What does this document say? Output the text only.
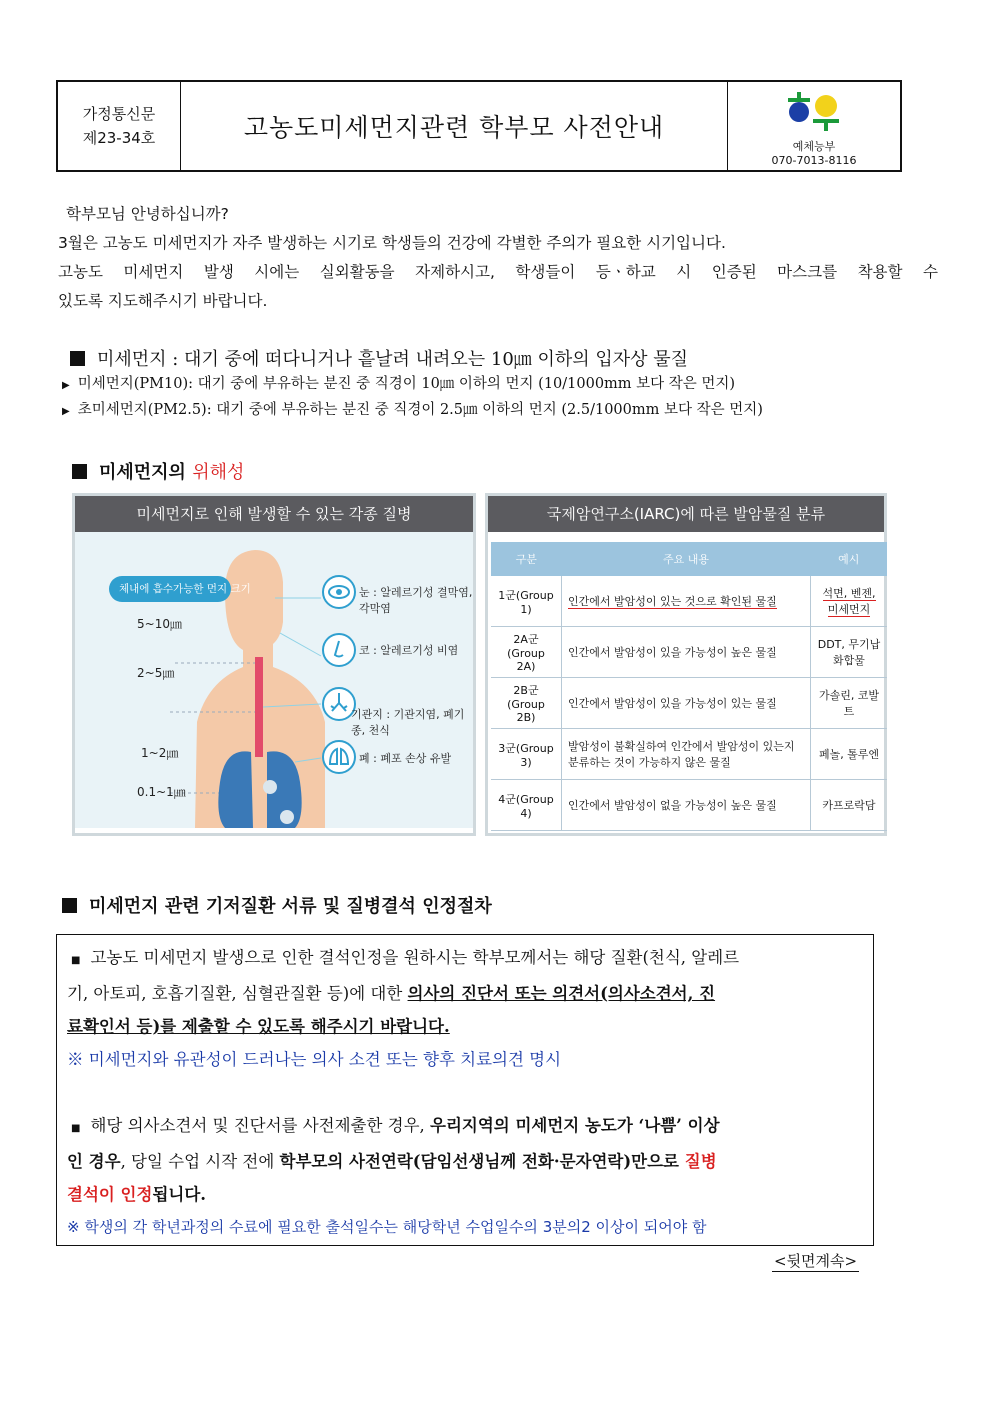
가정통신문
제23-34호	고농도미세먼지관련 학부모 사전안내
예체능부
070-7013-8116

학부모님 안녕하십니까?

3월은 고농도 미세먼지가 자주 발생하는 시기로 학생들의 건강에 각별한 주의가 필요한 시기입니다.

고농도 미세먼지 발생 시에는 실외활동을 자제하시고, 학생들이 등ㆍ하교 시 인증된 마스크를 착용할 수

있도록 지도해주시기 바랍니다.

미세먼지 : 대기 중에 떠다니거나 흩날려 내려오는 10㎛ 이하의 입자상 물질
▶ 미세먼지(PM10): 대기 중에 부유하는 분진 중 직경이 10㎛ 이하의 먼지 (10/1000mm 보다 작은 먼지)
▶ 초미세먼지(PM2.5): 대기 중에 부유하는 분진 중 직경이 2.5㎛ 이하의 먼지 (2.5/1000mm 보다 작은 먼지)
미세먼지의 위해성
미세먼지로 인해 발생할 수 있는 각종 질병
체내에 흡수가능한 먼지 크기
5~10㎛
2~5㎛
1~2㎛
0.1~1㎛
눈 : 알레르기성 결막염, 각막염
코 : 알레르기성 비염
기관지 : 기관지염, 폐기종, 천식
폐 : 폐포 손상 유발
국제암연구소(IARC)에 따른 발암물질 분류
구분	주요 내용	예시
1군(Group 1)	인간에서 발암성이 있는 것으로 확인된 물질	석면, 벤젠, 미세먼지
2A군(Group 2A)	인간에서 발암성이 있을 가능성이 높은 물질	DDT, 무기납화합물
2B군(Group 2B)	인간에서 발암성이 있을 가능성이 있는 물질	가솔린, 코발트
3군(Group 3)	발암성이 불확실하여 인간에서 발암성이 있는지 분류하는 것이 가능하지 않은 물질	페놀, 톨루엔
4군(Group 4)	인간에서 발암성이 없을 가능성이 높은 물질	카프로락담
미세먼지 관련 기저질환 서류 및 질병결석 인정절차

■ 고농도 미세먼지 발생으로 인한 결석인정을 원하시는 학부모께서는 해당 질환(천식, 알레르

기, 아토피, 호흡기질환, 심혈관질환 등)에 대한 의사의 진단서 또는 의견서(의사소견서, 진

료확인서 등)를 제출할 수 있도록 해주시기 바랍니다.

※ 미세먼지와 유관성이 드러나는 의사 소견 또는 향후 치료의견 명시

■ 해당 의사소견서 및 진단서를 사전제출한 경우, 우리지역의 미세먼지 농도가 ‘나쁨’ 이상

인 경우, 당일 수업 시작 전에 학부모의 사전연락(담임선생님께 전화·문자연락)만으로 질병

결석이 인정됩니다.

※ 학생의 각 학년과정의 수료에 필요한 출석일수는 해당학년 수업일수의 3분의2 이상이 되어야 함

<뒷면계속>
